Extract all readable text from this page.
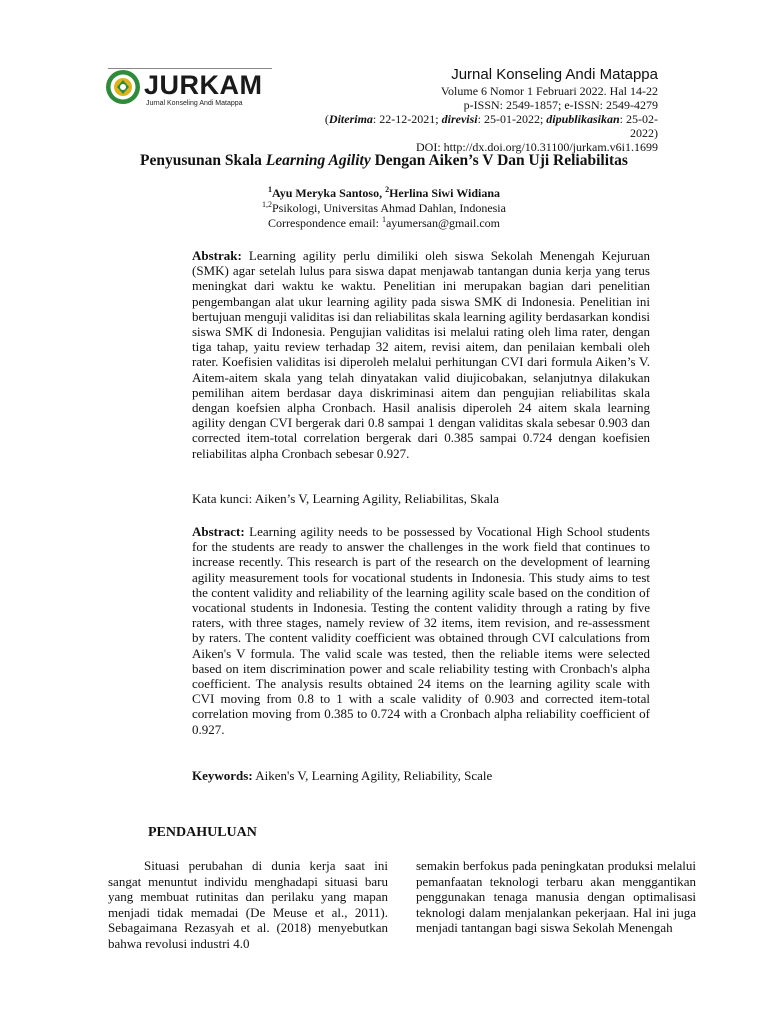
JURKAM
Jurnal Konseling Andi Matappa
Jurnal Konseling Andi Matappa
Volume 6 Nomor 1 Februari 2022. Hal 14-22
p-ISSN: 2549-1857; e-ISSN: 2549-4279
(Diterima: 22-12-2021; direvisi: 25-01-2022; dipublikasikan: 25-02-2022)
DOI: http://dx.doi.org/10.31100/jurkam.v6i1.1699
Penyusunan Skala Learning Agility Dengan Aiken’s V Dan Uji Reliabilitas
$^1$Ayu Meryka Santoso, $^2$Herlina Siwi Widiana
$^{1,2}$Psikologi, Universitas Ahmad Dahlan, Indonesia
Correspondence email: $^1$ayumersan@gmail.com
Abstrak: Learning agility perlu dimiliki oleh siswa Sekolah Menengah Kejuruan (SMK) agar setelah lulus para siswa dapat menjawab tantangan dunia kerja yang terus meningkat dari waktu ke waktu. Penelitian ini merupakan bagian dari penelitian pengembangan alat ukur learning agility pada siswa SMK di Indonesia. Penelitian ini bertujuan menguji validitas isi dan reliabilitas skala learning agility berdasarkan kondisi siswa SMK di Indonesia. Pengujian validitas isi melalui rating oleh lima rater, dengan tiga tahap, yaitu review terhadap 32 aitem, revisi aitem, dan penilaian kembali oleh rater. Koefisien validitas isi diperoleh melalui perhitungan CVI dari formula Aiken’s V. Aitem-aitem skala yang telah dinyatakan valid diujicobakan, selanjutnya dilakukan pemilihan aitem berdasar daya diskriminasi aitem dan pengujian reliabilitas skala dengan koefsien alpha Cronbach. Hasil analisis diperoleh 24 aitem skala learning agility dengan CVI bergerak dari 0.8 sampai 1 dengan validitas skala sebesar 0.903 dan corrected item-total correlation bergerak dari 0.385 sampai 0.724 dengan koefisien reliabilitas alpha Cronbach sebesar 0.927.
Kata kunci: Aiken’s V, Learning Agility, Reliabilitas, Skala
Abstract: Learning agility needs to be possessed by Vocational High School students for the students are ready to answer the challenges in the work field that continues to increase recently. This research is part of the research on the development of learning agility measurement tools for vocational students in Indonesia. This study aims to test the content validity and reliability of the learning agility scale based on the condition of vocational students in Indonesia. Testing the content validity through a rating by five raters, with three stages, namely review of 32 items, item revision, and re-assessment by raters. The content validity coefficient was obtained through CVI calculations from Aiken's V formula. The valid scale was tested, then the reliable items were selected based on item discrimination power and scale reliability testing with Cronbach's alpha coefficient. The analysis results obtained 24 items on the learning agility scale with CVI moving from 0.8 to 1 with a scale validity of 0.903 and corrected item-total correlation moving from 0.385 to 0.724 with a Cronbach alpha reliability coefficient of 0.927.
Keywords: Aiken's V, Learning Agility, Reliability, Scale
PENDAHULUAN
Situasi perubahan di dunia kerja saat ini sangat menuntut individu menghadapi situasi baru yang membuat rutinitas dan perilaku yang mapan menjadi tidak memadai (De Meuse et al., 2011). Sebagaimana Rezasyah et al. (2018) menyebutkan bahwa revolusi industri 4.0
semakin berfokus pada peningkatan produksi melalui pemanfaatan teknologi terbaru akan menggantikan penggunakan tenaga manusia dengan optimalisasi teknologi dalam menjalankan pekerjaan. Hal ini juga menjadi tantangan bagi siswa Sekolah Menengah
